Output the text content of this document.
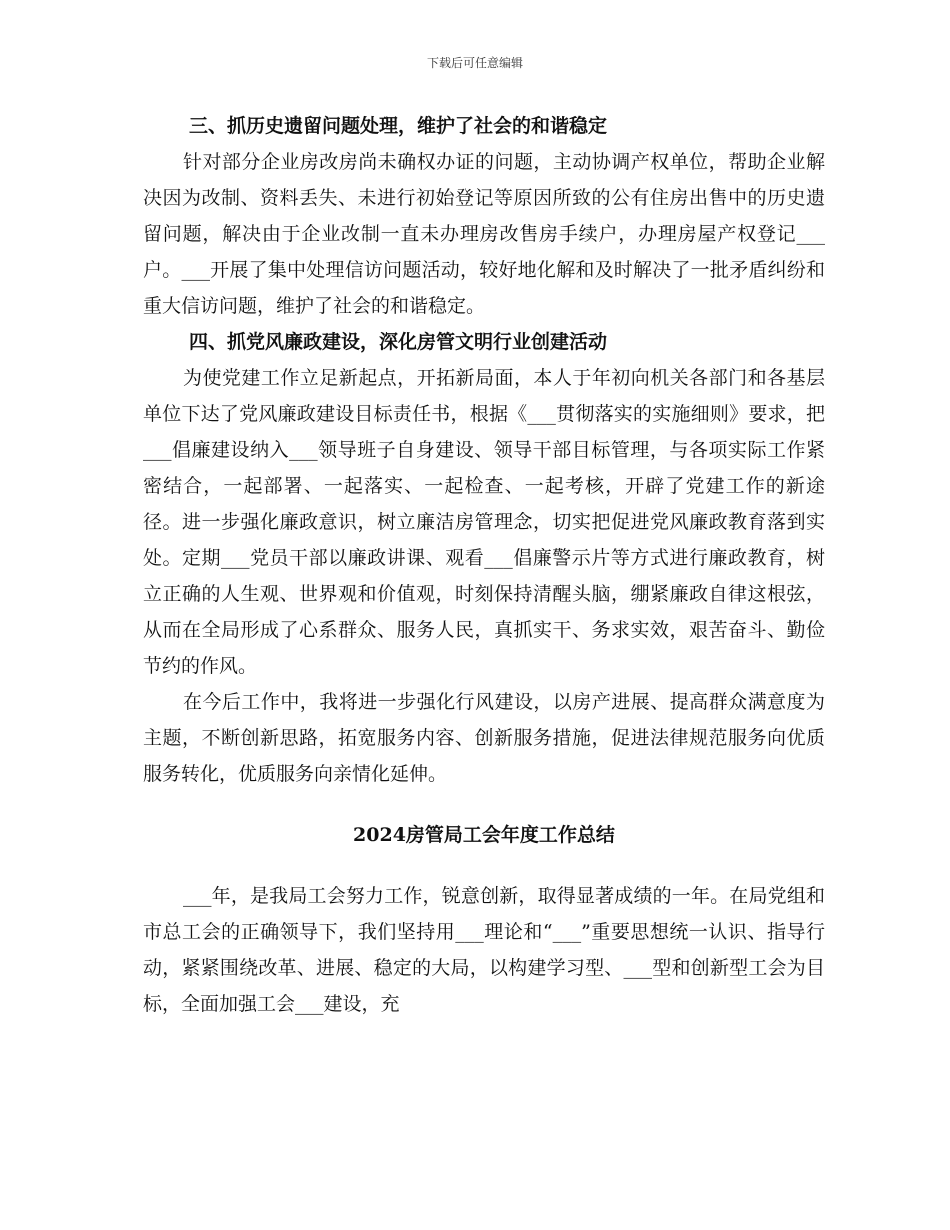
下载后可任意编辑

三、抓历史遗留问题处理，维护了社会的和谐稳定

针对部分企业房改房尚未确权办证的问题，主动协调产权单位，帮助企业解决因为改制、资料丢失、未进行初始登记等原因所致的公有住房出售中的历史遗留问题，解决由于企业改制一直未办理房改售房手续户，办理房屋产权登记___户。___开展了集中处理信访问题活动，较好地化解和及时解决了一批矛盾纠纷和重大信访问题，维护了社会的和谐稳定。

四、抓党风廉政建设，深化房管文明行业创建活动

为使党建工作立足新起点，开拓新局面，本人于年初向机关各部门和各基层单位下达了党风廉政建设目标责任书，根据《___贯彻落实的实施细则》要求，把___倡廉建设纳入___领导班子自身建设、领导干部目标管理，与各项实际工作紧密结合，一起部署、一起落实、一起检查、一起考核，开辟了党建工作的新途径。进一步强化廉政意识，树立廉洁房管理念，切实把促进党风廉政教育落到实处。定期___党员干部以廉政讲课、观看___倡廉警示片等方式进行廉政教育，树立正确的人生观、世界观和价值观，时刻保持清醒头脑，绷紧廉政自律这根弦，从而在全局形成了心系群众、服务人民，真抓实干、务求实效，艰苦奋斗、勤俭节约的作风。

在今后工作中，我将进一步强化行风建设，以房产进展、提高群众满意度为主题，不断创新思路，拓宽服务内容、创新服务措施，促进法律规范服务向优质服务转化，优质服务向亲情化延伸。

2024房管局工会年度工作总结

___年，是我局工会努力工作，锐意创新，取得显著成绩的一年。在局党组和市总工会的正确领导下，我们坚持用___理论和“___”重要思想统一认识、指导行动，紧紧围绕改革、进展、稳定的大局，以构建学习型、___型和创新型工会为目标，全面加强工会___建设，充
